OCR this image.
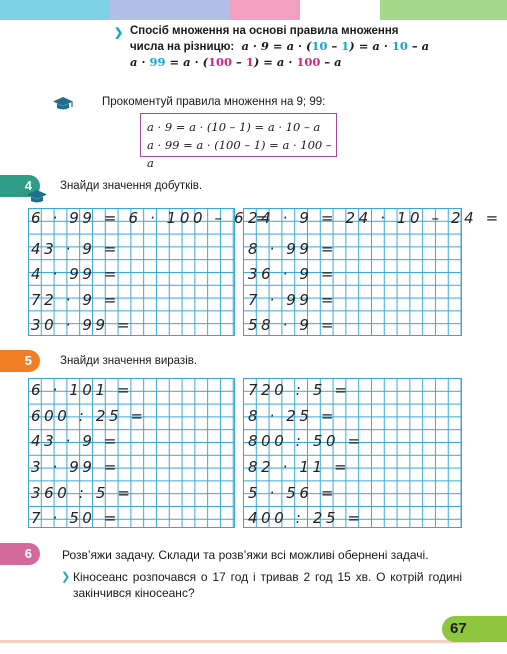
❯ Спосіб множення на основі правила множення
числа на різницю: a · 9 = a · (10 – 1) = a · 10 – a
a · 99 = a · (100 – 1) = a · 100 – a
Прокоментуй правила множення на 9; 99:
a · 9 = a · (10 – 1) = a · 10 – a
a · 99 = a · (100 – 1) = a · 100 – a
4	Знайди значення добутків.
6 · 99 = 6 · 100 – 6 =
43 · 9 =
4 · 99 =
72 · 9 =
30 · 99 =
24 · 9 = 24 · 10 – 24 =
8 · 99 =
36 · 9 =
7 · 99 =
58 · 9 =
5	Знайди значення виразів.
6 · 101 =
600 : 25 =
43 · 9 =
3 · 99 =
360 : 5 =
7 · 50 =
720 : 5 =
8 · 25 =
800 : 50 =
82 · 11 =
5 · 56 =
400 : 25 =
6	Розв’яжи задачу. Склади та розв’яжи всі можливі обернені задачі.
❯ Кіносеанс розпочався о 17 год і тривав 2 год 15 хв. О котрій годині закінчився кіносеанс?
67
